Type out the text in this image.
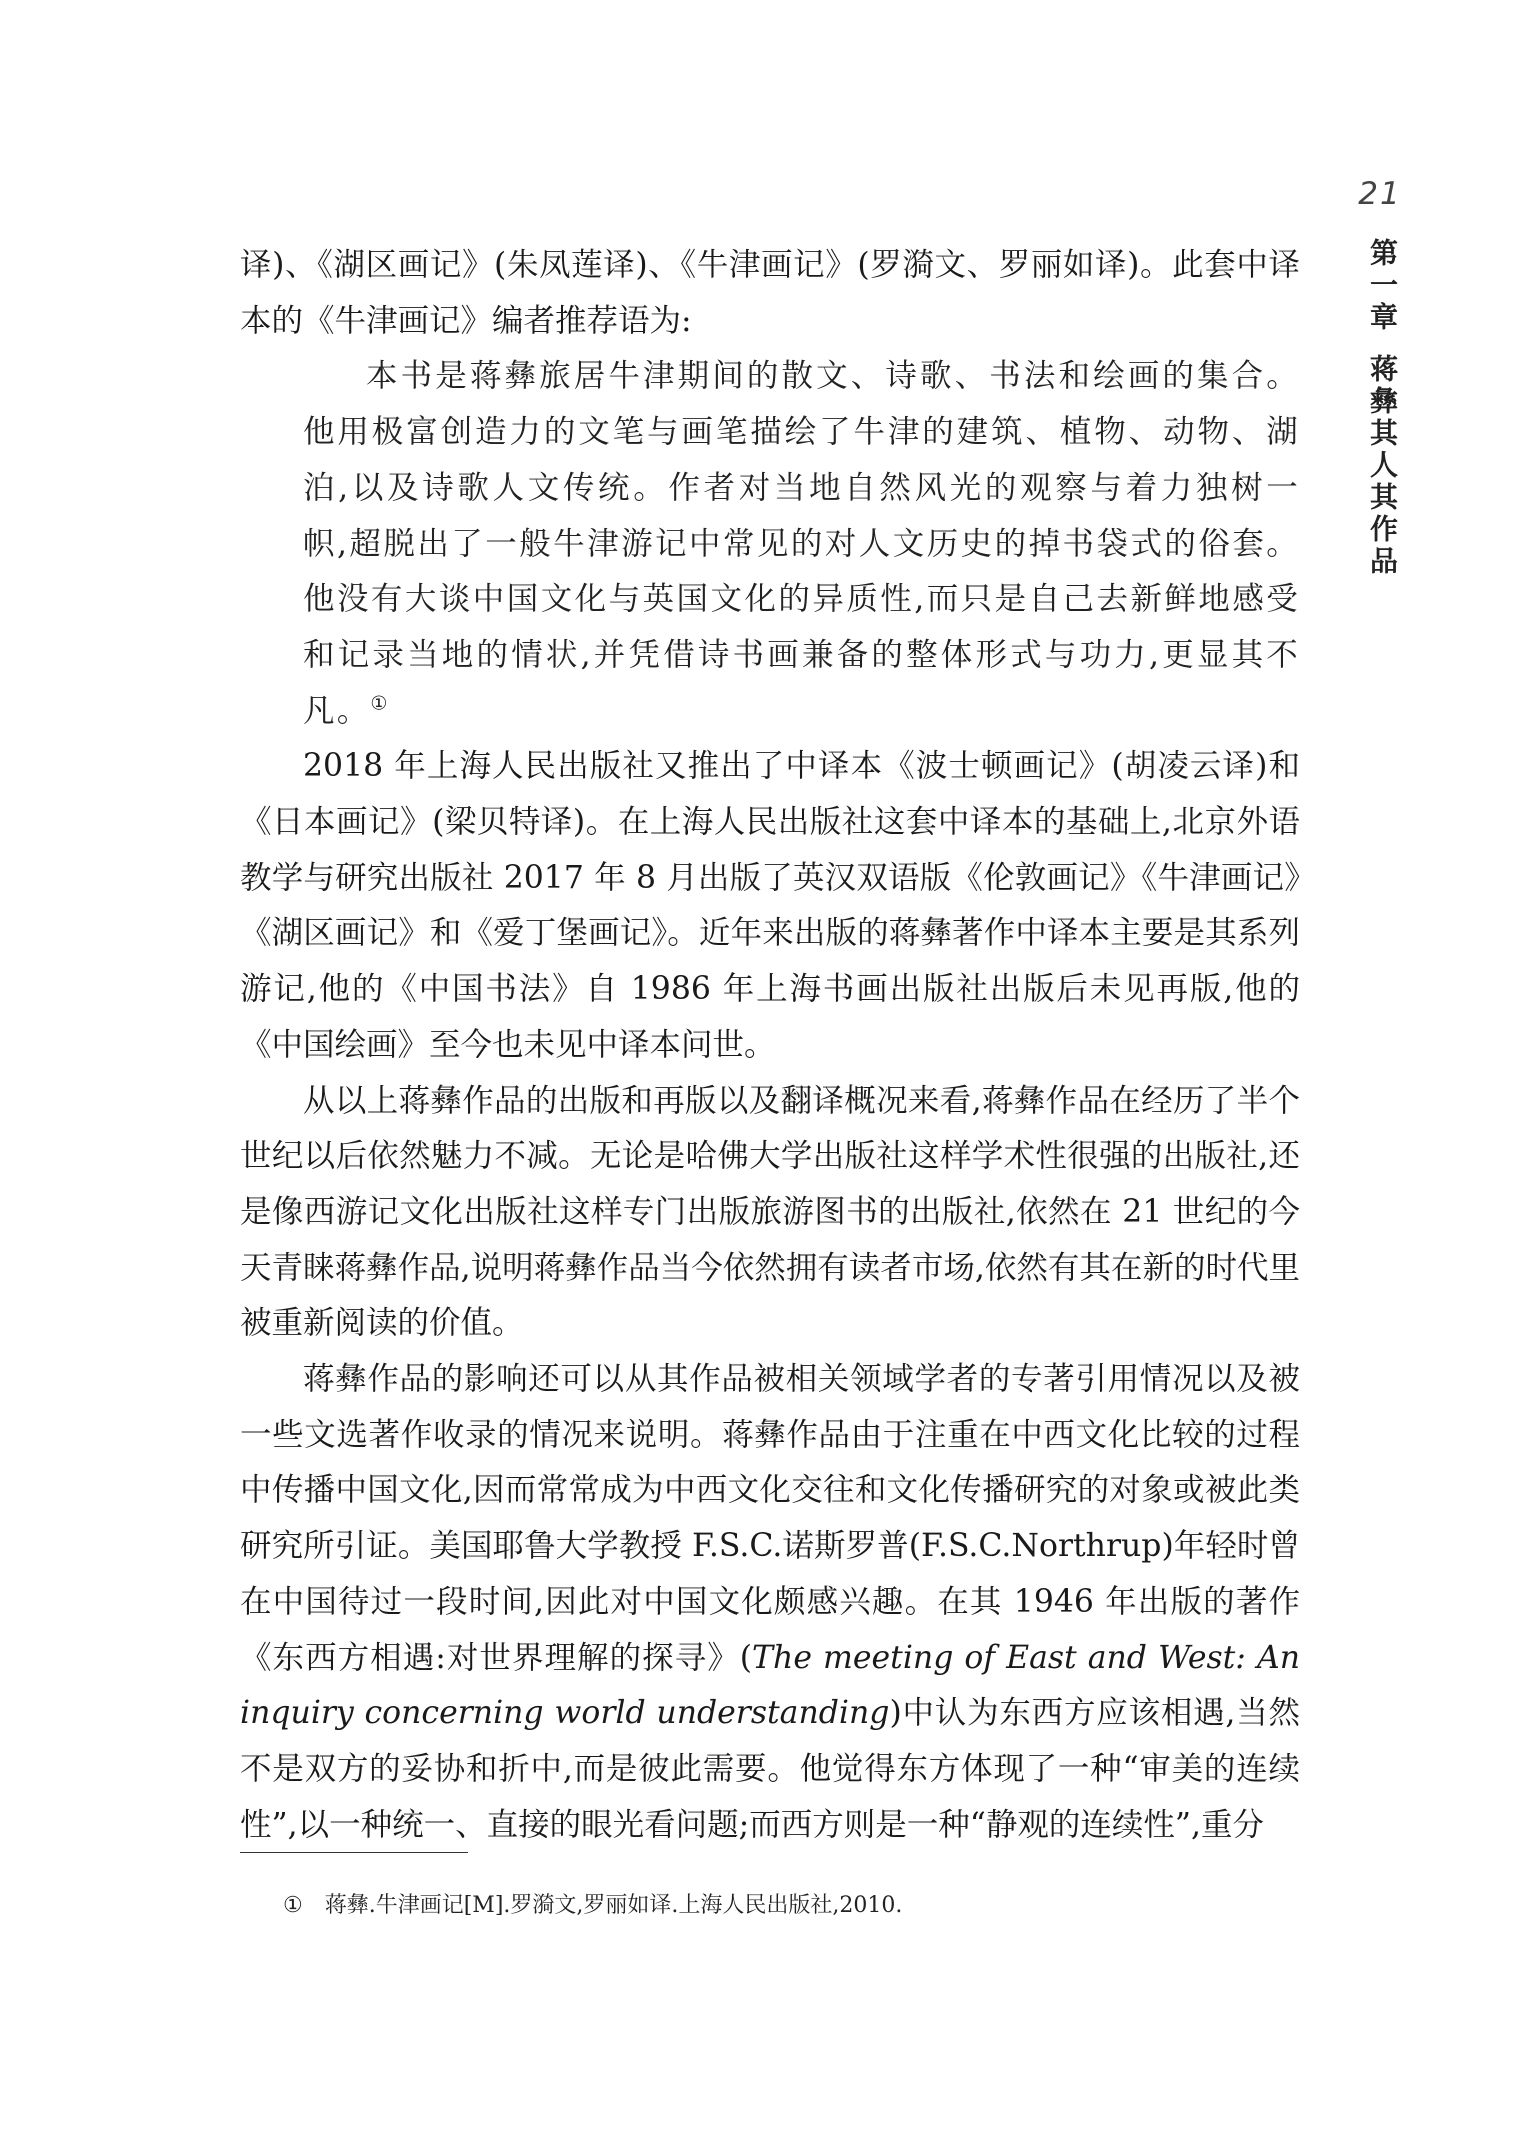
21
第一章蒋彝其人其作品

译)、《湖区画记》(朱凤莲译)、《牛津画记》(罗漪文、罗丽如译)。此套中译本的《牛津画记》编者推荐语为:

本书是蒋彝旅居牛津期间的散文、诗歌、书法和绘画的集合。他用极富创造力的文笔与画笔描绘了牛津的建筑、植物、动物、湖泊,以及诗歌人文传统。作者对当地自然风光的观察与着力独树一帜,超脱出了一般牛津游记中常见的对人文历史的掉书袋式的俗套。他没有大谈中国文化与英国文化的异质性,而只是自己去新鲜地感受和记录当地的情状,并凭借诗书画兼备的整体形式与功力,更显其不凡。①

2018 年上海人民出版社又推出了中译本《波士顿画记》(胡凌云译)和《日本画记》(梁贝特译)。在上海人民出版社这套中译本的基础上,北京外语教学与研究出版社 2017 年 8 月出版了英汉双语版《伦敦画记》《牛津画记》《湖区画记》和《爱丁堡画记》。近年来出版的蒋彝著作中译本主要是其系列游记,他的《中国书法》自 1986 年上海书画出版社出版后未见再版,他的《中国绘画》至今也未见中译本问世。

从以上蒋彝作品的出版和再版以及翻译概况来看,蒋彝作品在经历了半个世纪以后依然魅力不减。无论是哈佛大学出版社这样学术性很强的出版社,还是像西游记文化出版社这样专门出版旅游图书的出版社,依然在 21 世纪的今天青睐蒋彝作品,说明蒋彝作品当今依然拥有读者市场,依然有其在新的时代里被重新阅读的价值。

蒋彝作品的影响还可以从其作品被相关领域学者的专著引用情况以及被一些文选著作收录的情况来说明。蒋彝作品由于注重在中西文化比较的过程中传播中国文化,因而常常成为中西文化交往和文化传播研究的对象或被此类研究所引证。美国耶鲁大学教授 F.S.C.诺斯罗普(F.S.C.Northrup)年轻时曾在中国待过一段时间,因此对中国文化颇感兴趣。在其 1946 年出版的著作《东西方相遇:对世界理解的探寻》(The meeting of East and West: An inquiry concerning world understanding)中认为东西方应该相遇,当然不是双方的妥协和折中,而是彼此需要。他觉得东方体现了一种“审美的连续性”,以一种统一、直接的眼光看问题;而西方则是一种“静观的连续性”,重分

① 蒋彝.牛津画记[M].罗漪文,罗丽如译.上海人民出版社,2010.
